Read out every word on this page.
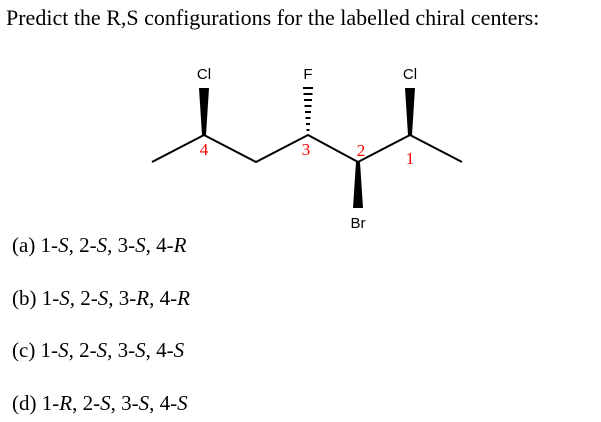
Predict the R,S configurations for the labelled chiral centers:
Cl
4
F
3
Br
2
Cl
1
(a) 1-S, 2-S, 3-S, 4-R
(b) 1-S, 2-S, 3-R, 4-R
(c) 1-S, 2-S, 3-S, 4-S
(d) 1-R, 2-S, 3-S, 4-S
